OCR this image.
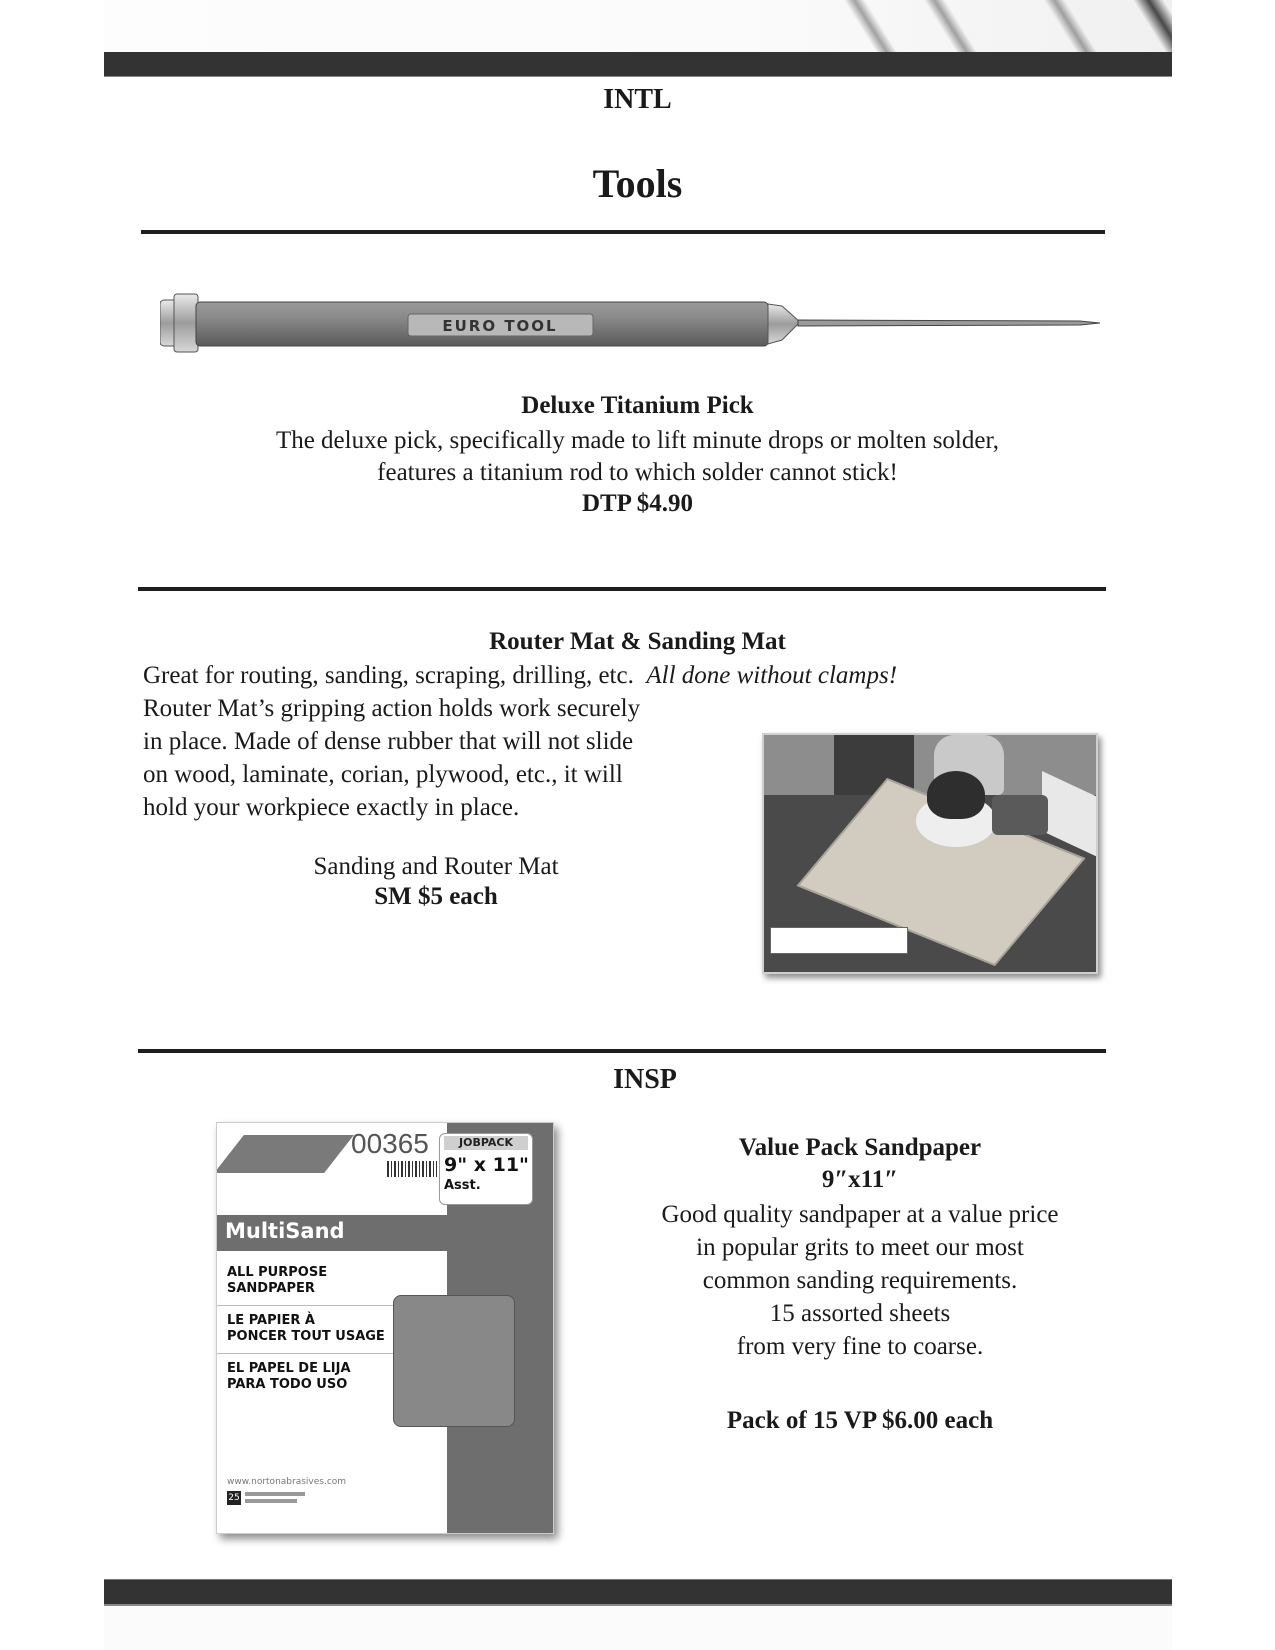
INTL
Tools
EURO TOOL
Deluxe Titanium Pick
The deluxe pick, specifically made to lift minute drops or molten solder,
features a titanium rod to which solder cannot stick!
DTP $4.90
Router Mat & Sanding Mat
Great for routing, sanding, scraping, drilling, etc. All done without clamps!
Router Mat’s gripping action holds work securely
in place. Made of dense rubber that will not slide
on wood, laminate, corian, plywood, etc., it will
hold your workpiece exactly in place.
Sanding and Router Mat
SM $5 each
INSP
00365	JOBPACK
9" x 11"
Asst.
MultiSand
ALL PURPOSE
SANDPAPER
LE PAPIER À
PONCER TOUT USAGE
EL PAPEL DE LIJA
PARA TODO USO
www.nortonabrasives.com
25
Value Pack Sandpaper
9″x11″
Good quality sandpaper at a value price
in popular grits to meet our most
common sanding requirements.
15 assorted sheets
from very fine to coarse.
Pack of 15 VP $6.00 each
